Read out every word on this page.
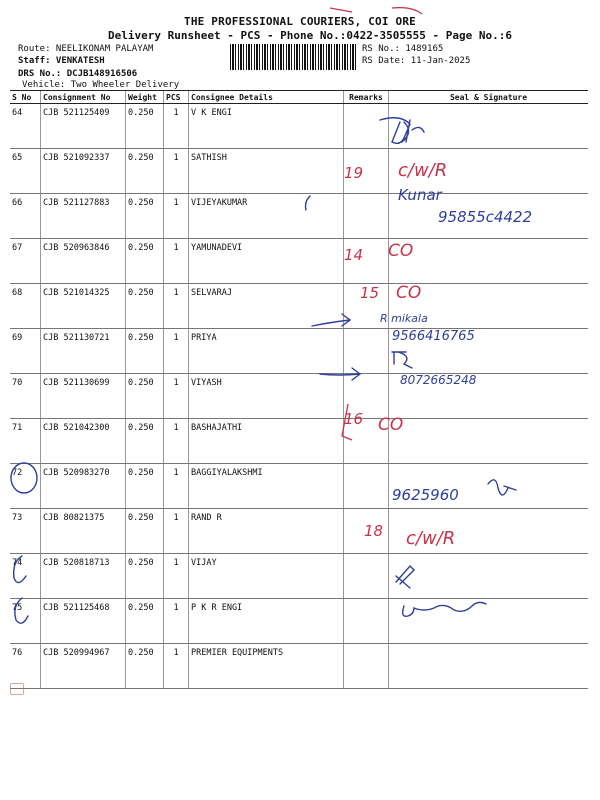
THE PROFESSIONAL COURIERS, COI ORE
Delivery Runsheet - PCS - Phone No.:0422-3505555 - Page No.:6
Route: NEELIKONAM PALAYAM
Staff: VENKATESH
DRS No.: DCJB148916506
Vehicle: Two Wheeler Delivery
RS No.: 1489165
RS Date: 11-Jan-2025
S No	Consignment No	Weight	PCS	Consignee Details	Remarks	Seal & Signature
64	CJB 521125409	0.250	1	V K ENGI		
65	CJB 521092337	0.250	1	SATHISH		
66	CJB 521127883	0.250	1	VIJEYAKUMAR		
67	CJB 520963846	0.250	1	YAMUNADEVI		
68	CJB 521014325	0.250	1	SELVARAJ		
69	CJB 521130721	0.250	1	PRIYA		
70	CJB 521130699	0.250	1	VIYASH		
71	CJB 521042300	0.250	1	BASHAJATHI		
72	CJB 520983270	0.250	1	BAGGIYALAKSHMI		
73	CJB 80821375	0.250	1	RAND R		
74	CJB 520818713	0.250	1	VIJAY		
75	CJB 521125468	0.250	1	P K R ENGI		
76	CJB 520994967	0.250	1	PREMIER EQUIPMENTS		
Kunar
95855c4422
R mikala
9566416765
8072665248
9625960
19 c/w/R
14 CO
15 CO
16 CO
18 c/w/R
